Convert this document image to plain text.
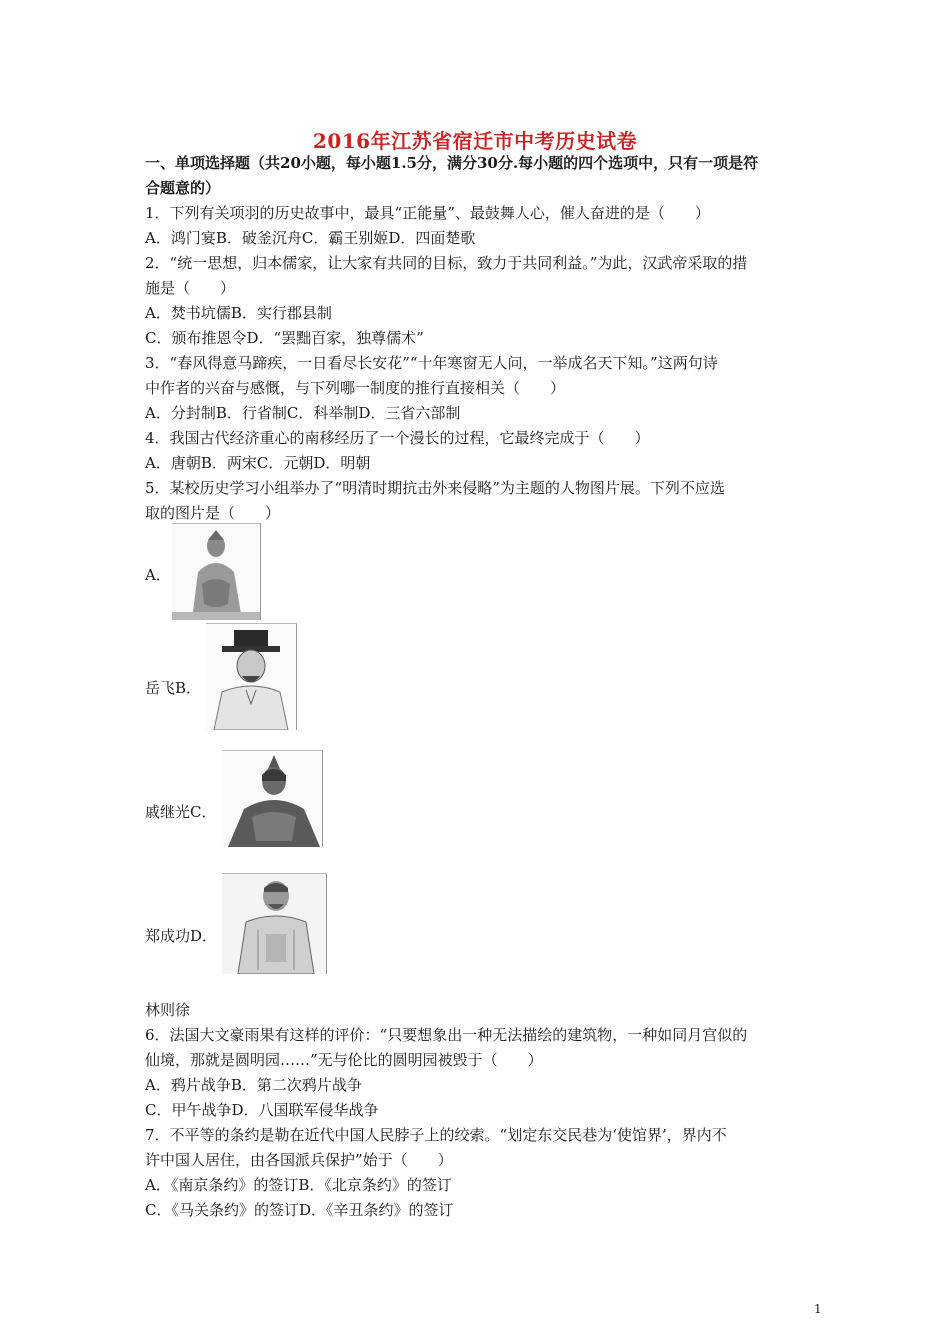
2016年江苏省宿迁市中考历史试卷
一、单项选择题（共20小题，每小题1.5分，满分30分.每小题的四个选项中，只有一项是符
合题意的）
1．下列有关项羽的历史故事中，最具“正能量”、最鼓舞人心，催人奋进的是（　　）
A．鸿门宴B．破釜沉舟C．霸王别姬D．四面楚歌
2．“统一思想，归本儒家，让大家有共同的目标，致力于共同利益。”为此，汉武帝采取的措
施是（　　）
A．焚书坑儒B．实行郡县制
C．颁布推恩令D．“罢黜百家，独尊儒术”
3．“春风得意马蹄疾，一日看尽长安花”“十年寒窗无人问，一举成名天下知。”这两句诗
中作者的兴奋与感慨，与下列哪一制度的推行直接相关（　　）
A．分封制B．行省制C．科举制D．三省六部制
4．我国古代经济重心的南移经历了一个漫长的过程，它最终完成于（　　）
A．唐朝B．两宋C．元朝D．明朝
5．某校历史学习小组举办了“明清时期抗击外来侵略”为主题的人物图片展。下列不应选
取的图片是（　　）
A．
岳飞B．
戚继光C．
郑成功D．
林则徐
6．法国大文豪雨果有这样的评价：“只要想象出一种无法描绘的建筑物，一种如同月宫似的
仙境，那就是圆明园……”无与伦比的圆明园被毁于（　　）
A．鸦片战争B．第二次鸦片战争
C．甲午战争D．八国联军侵华战争
7．不平等的条约是勒在近代中国人民脖子上的绞索。“划定东交民巷为‘使馆界’，界内不
许中国人居住，由各国派兵保护”始于（　　）
A．《南京条约》的签订B．《北京条约》的签订
C．《马关条约》的签订D．《辛丑条约》的签订
1
